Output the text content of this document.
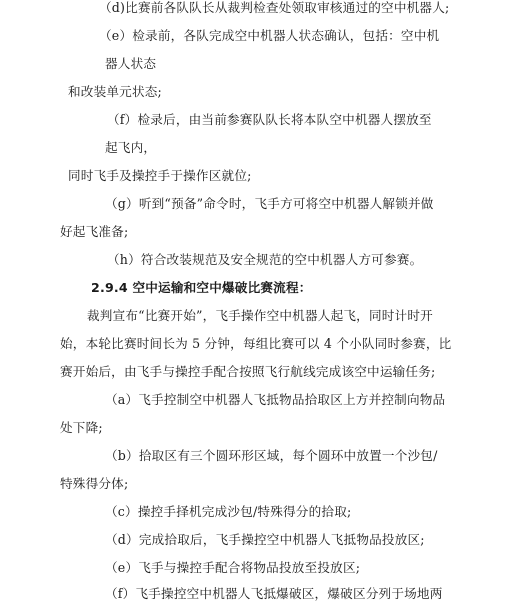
（d)比赛前各队队长从裁判检查处领取审核通过的空中机器人;
（e）检录前，各队完成空中机器人状态确认，包括：空中机
器人状态
和改装单元状态;
（f）检录后，由当前参赛队队长将本队空中机器人摆放至
起飞内，
同时飞手及操控手于操作区就位;
（g）听到“预备”命令时，飞手方可将空中机器人解锁并做
好起飞准备;
（h）符合改装规范及安全规范的空中机器人方可参赛。
2.9.4 空中运输和空中爆破比赛流程：
裁判宣布“比赛开始”，飞手操作空中机器人起飞，同时计时开
始，本轮比赛时间长为 5 分钟，每组比赛可以 4 个小队同时参赛，比
赛开始后，由飞手与操控手配合按照飞行航线完成该空中运输任务;
（a）飞手控制空中机器人飞抵物品拾取区上方并控制向物品
处下降;
（b）拾取区有三个圆环形区域，每个圆环中放置一个沙包/
特殊得分体;
（c）操控手择机完成沙包/特殊得分的拾取;
（d）完成拾取后，飞手操控空中机器人飞抵物品投放区;
（e）飞手与操控手配合将物品投放至投放区;
（f）飞手操控空中机器人飞抵爆破区，爆破区分列于场地两
